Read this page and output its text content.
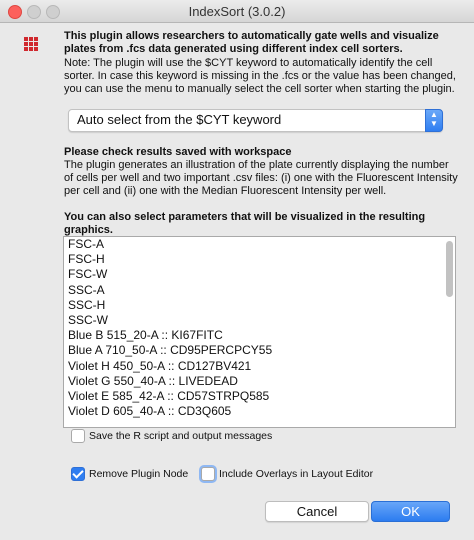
IndexSort (3.0.2)
This plugin allows researchers to automatically gate wells and visualize plates from .fcs data generated using different index cell sorters.
Note: The plugin will use the $CYT keyword to automatically identify the cell sorter. In case this keyword is missing in the .fcs or the value has been changed, you can use the menu to manually select the cell sorter when starting the plugin.
Auto select from the $CYT keyword	▲
▼
Please check results saved with workspace
The plugin generates an illustration of the plate currently displaying the number of cells per well and two important .csv files: (i) one with the Fluorescent Intensity per cell and (ii) one with the Median Fluorescent Intensity per well.
You can also select parameters that will be visualized in the resulting graphics.
FSC-A
FSC-H
FSC-W
SSC-A
SSC-H
SSC-W
Blue B 515_20-A :: KI67FITC
Blue A 710_50-A :: CD95PERCPCY55
Violet H 450_50-A :: CD127BV421
Violet G 550_40-A :: LIVEDEAD
Violet E 585_42-A :: CD57STRPQ585
Violet D 605_40-A :: CD3Q605
Save the R script and output messages
Remove Plugin Node	Include Overlays in Layout Editor
Cancel	OK
